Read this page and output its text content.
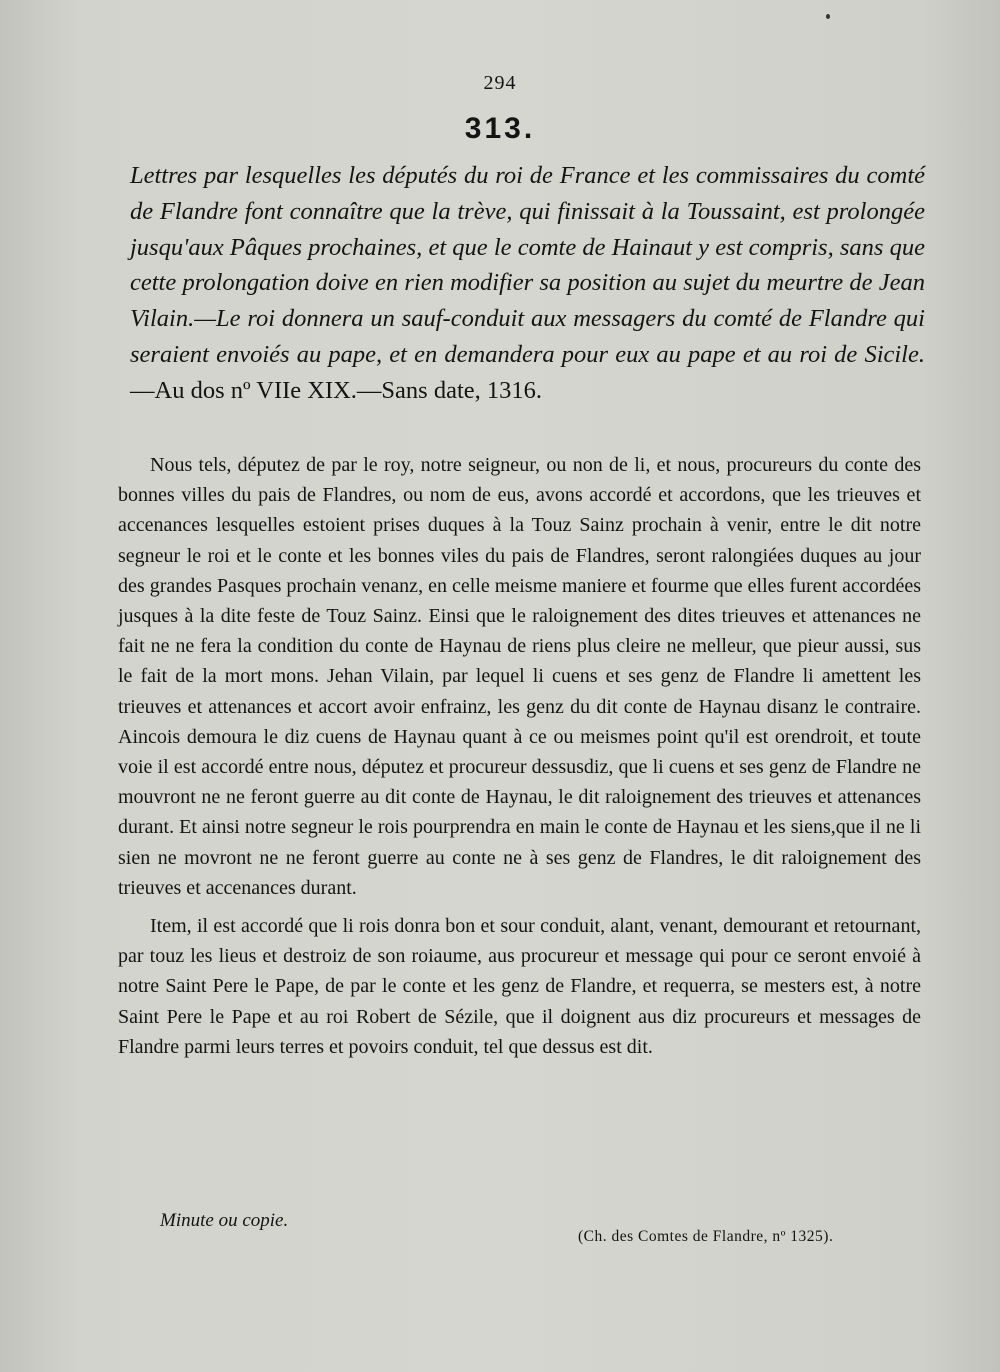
294
313.

Lettres par lesquelles les députés du roi de France et les commissaires du comté de Flandre font connaître que la trève, qui finissait à la Toussaint, est prolongée jusqu'aux Pâques prochaines, et que le comte de Hainaut y est compris, sans que cette prolongation doive en rien modifier sa position au sujet du meurtre de Jean Vilain.—Le roi donnera un sauf-conduit aux messagers du comté de Flandre qui seraient envoiés au pape, et en demandera pour eux au pape et au roi de Sicile.—Au dos nº VIIe XIX.—Sans date, 1316.

Nous tels, députez de par le roy, notre seigneur, ou non de li, et nous, procureurs du conte des bonnes villes du pais de Flandres, ou nom de eus, avons accordé et accordons, que les trieuves et accenances lesquelles estoient prises duques à la Touz Sainz prochain à venir, entre le dit notre segneur le roi et le conte et les bonnes viles du pais de Flandres, seront ralongiées duques au jour des grandes Pasques prochain venanz, en celle meisme maniere et fourme que elles furent accordées jusques à la dite feste de Touz Sainz. Einsi que le raloignement des dites trieuves et attenances ne fait ne ne fera la condition du conte de Haynau de riens plus cleire ne melleur, que pieur aussi, sus le fait de la mort mons. Jehan Vilain, par lequel li cuens et ses genz de Flandre li amettent les trieuves et attenances et accort avoir enfrainz, les genz du dit conte de Haynau disanz le contraire. Aincois demoura le diz cuens de Haynau quant à ce ou meismes point qu'il est orendroit, et toute voie il est accordé entre nous, députez et procureur dessusdiz, que li cuens et ses genz de Flandre ne mouvront ne ne feront guerre au dit conte de Haynau, le dit raloignement des trieuves et attenances durant. Et ainsi notre segneur le rois pourprendra en main le conte de Haynau et les siens,que il ne li sien ne movront ne ne feront guerre au conte ne à ses genz de Flandres, le dit raloignement des trieuves et accenances durant.

Item, il est accordé que li rois donra bon et sour conduit, alant, venant, demourant et retournant, par touz les lieus et destroiz de son roiaume, aus procureur et message qui pour ce seront envoié à notre Saint Pere le Pape, de par le conte et les genz de Flandre, et requerra, se mesters est, à notre Saint Pere le Pape et au roi Robert de Sézile, que il doignent aus diz procureurs et messages de Flandre parmi leurs terres et povoirs conduit, tel que dessus est dit.

Minute ou copie.
(Ch. des Comtes de Flandre, nº 1325).
